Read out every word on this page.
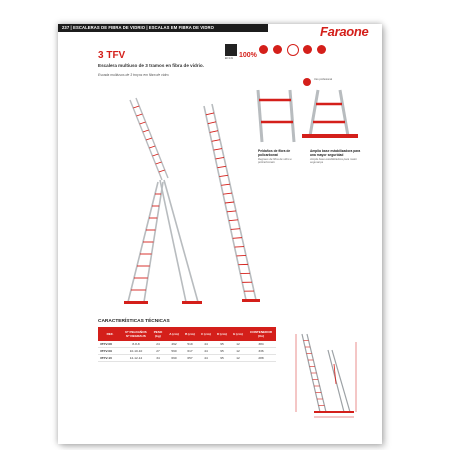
237 | ESCALERAS DE FIBRA DE VIDRIO | ESCALAS EM FIBRA DE VIDRO	Faraone
3 TFV
Escalera multiuso de 3 tramos en fibra de vidrio.
Escada multiusos de 3 troços em fibra de vidro.
100%
EN 131
Uso profesional
Peldaños de fibra de policarbonat
Degraus de fibra de vidro e policarbonato
Amplia base estabilizadora para una mayor seguridad
Ampla base estabilizadora para maior segurança
CARACTERÍSTICAS TÉCNICAS
REF.	Nº PELDAÑOS Nº DEGRAUS	PESO (kg)	A (cm)	B (cm)	C (cm)	D (cm)	E (cm)	CONTENEDOR (Un)
3TFV-08	8-8-8	24	492	519	44	95	12	384
3TFV-09	10-10-10	27	590	617	44	95	12	336
3TFV-10	12-12-12	34	690	657	44	95	12	288
